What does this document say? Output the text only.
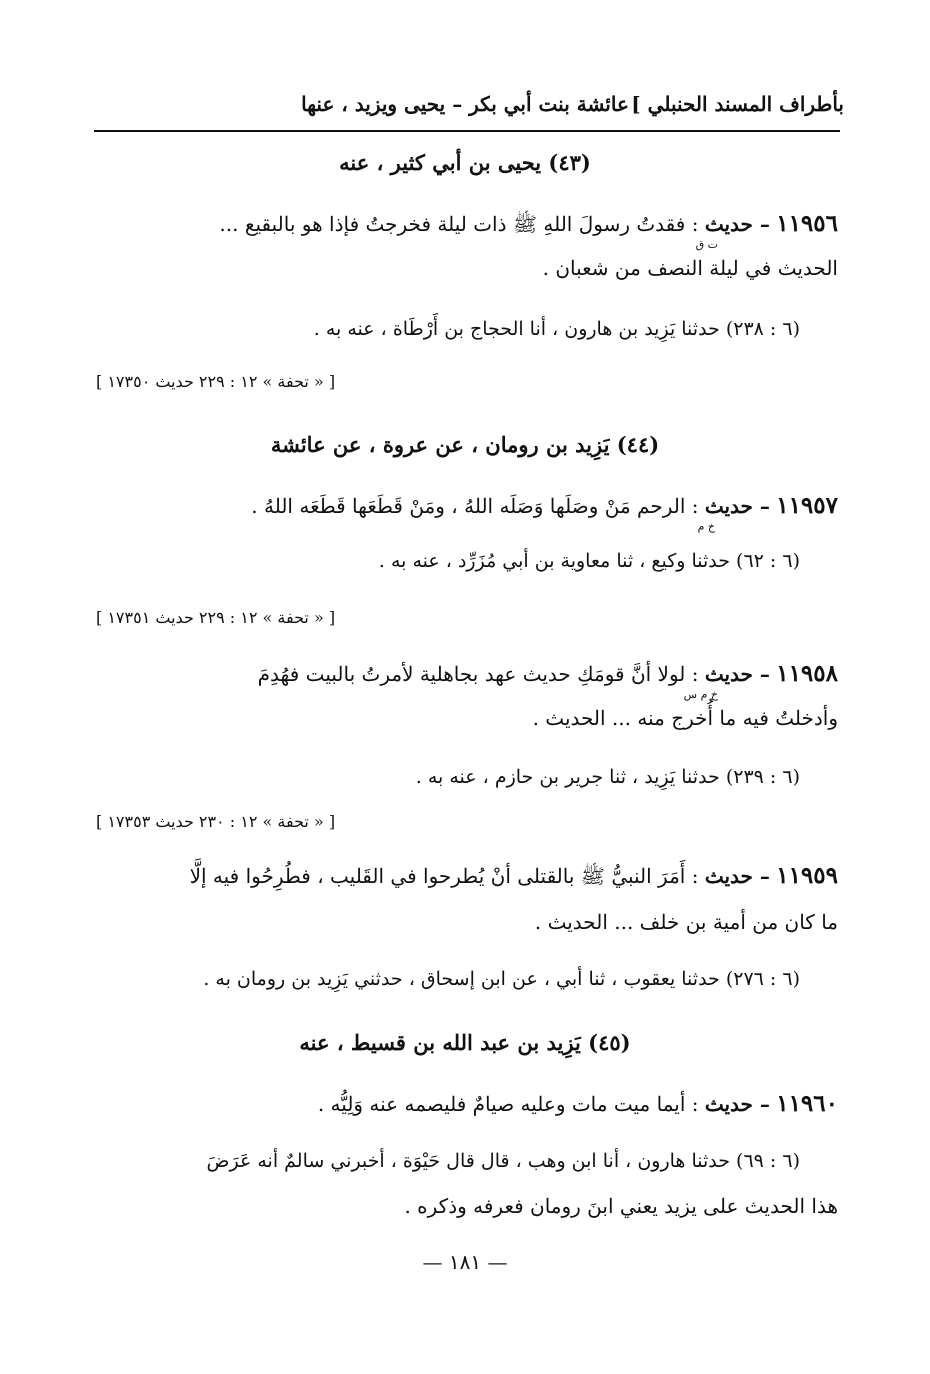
بأطراف المسند الحنبلي ]
عائشة بنت أبي بكر – يحيى ويزيد ، عنها
(٤٣) يحيى بن أبي كثير ، عنه
١١٩٥٦ – حديث : فقدتُ رسولَ اللهِ ﷺ ذات ليلة فخرجتُ فإذا هو بالبقيع ...
ت ق
الحديث في ليلة النصف من شعبان .
(٦ : ٢٣٨) حدثنا يَزِيد بن هارون ، أنا الحجاج بن أَرْطَاة ، عنه به .
[ « تحفة » ١٢ : ٢٢٩ حديث ١٧٣٥٠ ]
(٤٤) يَزِيد بن رومان ، عن عروة ، عن عائشة
١١٩٥٧ – حديث : الرحم مَنْ وصَلَها وَصَلَه اللهُ ، ومَنْ قَطَعَها قَطَعَه اللهُ .
خ م
(٦ : ٦٢) حدثنا وكيع ، ثنا معاوية بن أبي مُزَرِّد ، عنه به .
[ « تحفة » ١٢ : ٢٢٩ حديث ١٧٣٥١ ]
١١٩٥٨ – حديث : لولا أنَّ قومَكِ حديث عهد بجاهلية لأمرتُ بالبيت فهُدِمَ
خ م س
وأدخلتُ فيه ما أُخرج منه ... الحديث .
(٦ : ٢٣٩) حدثنا يَزِيد ، ثنا جرير بن حازم ، عنه به .
[ « تحفة » ١٢ : ٢٣٠ حديث ١٧٣٥٣ ]
١١٩٥٩ – حديث : أَمَرَ النبيُّ ﷺ بالقتلى أنْ يُطرحوا في القَليب ، فطُرِحُوا فيه إلَّا
ما كان من أمية بن خلف ... الحديث .
(٦ : ٢٧٦) حدثنا يعقوب ، ثنا أبي ، عن ابن إسحاق ، حدثني يَزِيد بن رومان به .
(٤٥) يَزِيد بن عبد الله بن قسيط ، عنه
١١٩٦٠ – حديث : أيما ميت مات وعليه صيامٌ فليصمه عنه وَلِيُّه .
(٦ : ٦٩) حدثنا هارون ، أنا ابن وهب ، قال قال حَيْوَة ، أخبرني سالمٌ أنه عَرَضَ
هذا الحديث على يزيد يعني ابنَ رومان فعرفه وذكره .
— ١٨١ —
